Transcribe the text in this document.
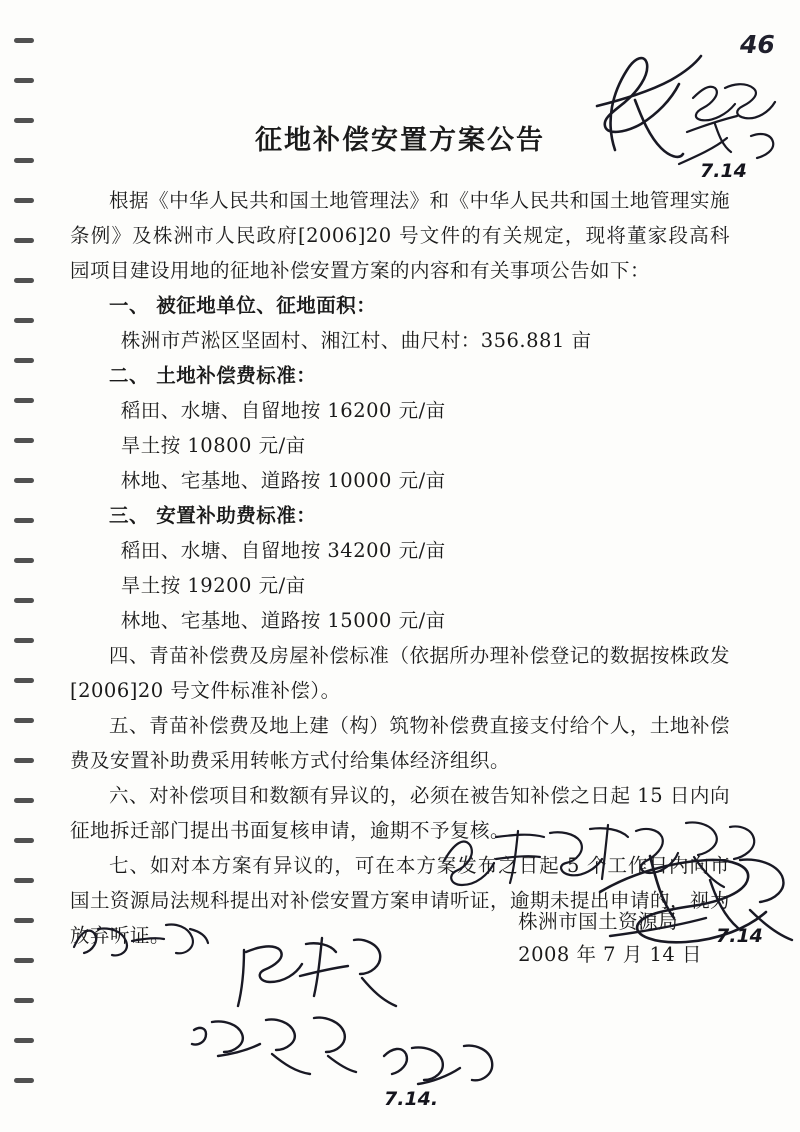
征地补偿安置方案公告

根据《中华人民共和国土地管理法》和《中华人民共和国土地管理实施条例》及株洲市人民政府[2006]20 号文件的有关规定，现将董家段高科园项目建设用地的征地补偿安置方案的内容和有关事项公告如下：

一、 被征地单位、征地面积：

株洲市芦淞区坚固村、湘江村、曲尺村：356.881 亩

二、 土地补偿费标准：

稻田、水塘、自留地按 16200 元/亩

旱土按 10800 元/亩

林地、宅基地、道路按 10000 元/亩

三、 安置补助费标准：

稻田、水塘、自留地按 34200 元/亩

旱土按 19200 元/亩

林地、宅基地、道路按 15000 元/亩

四、青苗补偿费及房屋补偿标准（依据所办理补偿登记的数据按株政发[2006]20 号文件标准补偿）。

五、青苗补偿费及地上建（构）筑物补偿费直接支付给个人，土地补偿费及安置补助费采用转帐方式付给集体经济组织。

六、对补偿项目和数额有异议的，必须在被告知补偿之日起 15 日内向征地拆迁部门提出书面复核申请，逾期不予复核。

七、如对本方案有异议的，可在本方案发布之日起 5 个工作日内向市国土资源局法规科提出对补偿安置方案申请听证，逾期未提出申请的，视为放弃听证。

株洲市国土资源局
2008 年 7 月 14 日
46
7.14
7.14
7.14.
